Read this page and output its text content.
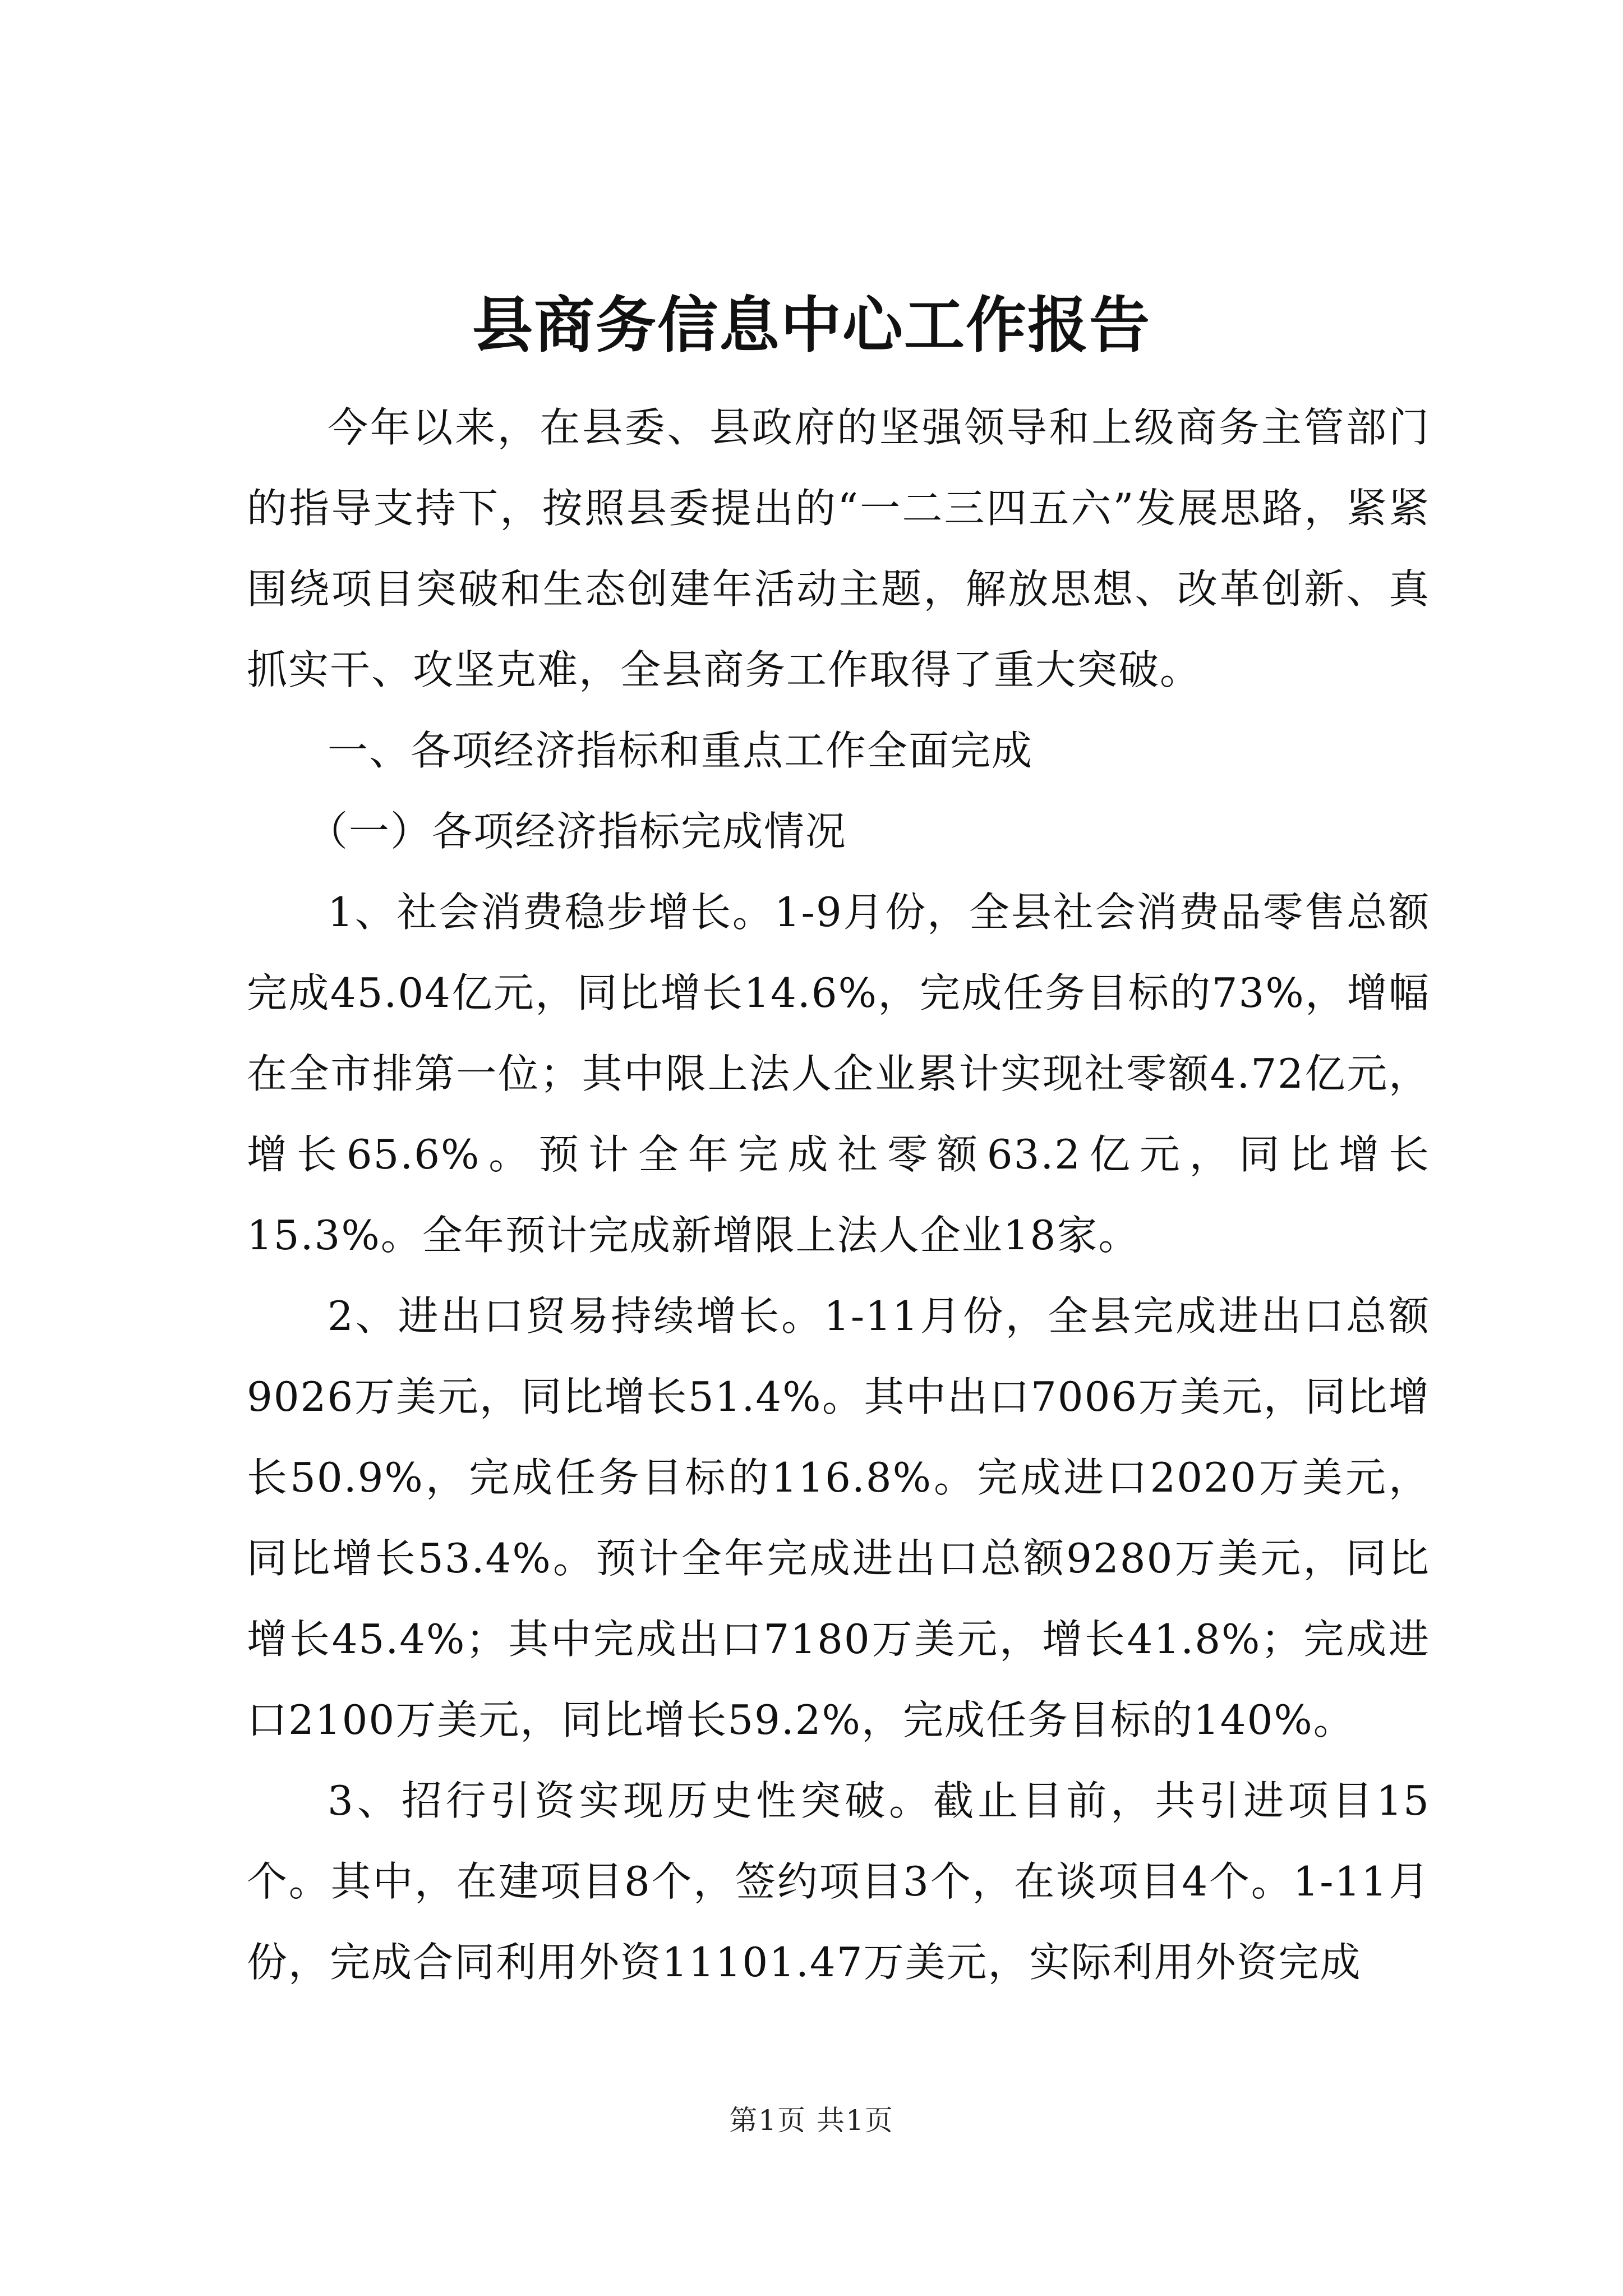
县商务信息中心工作报告

今年以来，在县委、县政府的坚强领导和上级商务主管部门的指导支持下，按照县委提出的“一二三四五六”发展思路，紧紧围绕项目突破和生态创建年活动主题，解放思想、改革创新、真抓实干、攻坚克难，全县商务工作取得了重大突破。

一、各项经济指标和重点工作全面完成

（一）各项经济指标完成情况

1、社会消费稳步增长。1-9月份，全县社会消费品零售总额完成45.04亿元，同比增长14.6%，完成任务目标的73%，增幅在全市排第一位；其中限上法人企业累计实现社零额4.72亿元，增长65.6%。预计全年完成社零额63.2亿元，同比增长15.3%。全年预计完成新增限上法人企业18家。

2、进出口贸易持续增长。1-11月份，全县完成进出口总额9026万美元，同比增长51.4%。其中出口7006万美元，同比增长50.9%，完成任务目标的116.8%。完成进口2020万美元，同比增长53.4%。预计全年完成进出口总额9280万美元，同比增长45.4%；其中完成出口7180万美元，增长41.8%；完成进口2100万美元，同比增长59.2%，完成任务目标的140%。

3、招行引资实现历史性突破。截止目前，共引进项目15个。其中，在建项目8个，签约项目3个，在谈项目4个。1-11月份，完成合同利用外资11101.47万美元，实际利用外资完成

第1页 共1页
